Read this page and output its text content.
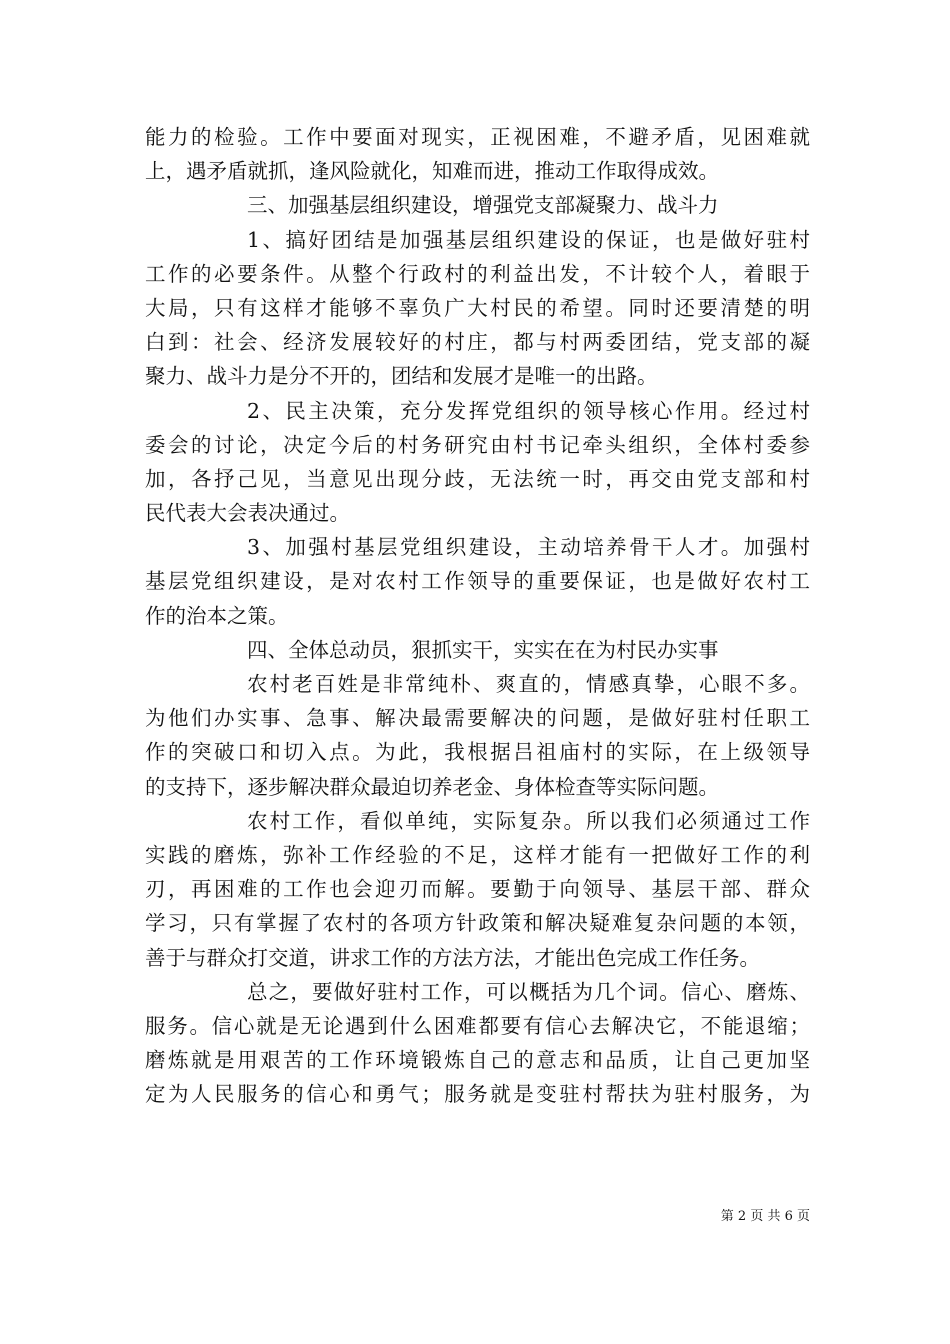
能力的检验。工作中要面对现实，正视困难，不避矛盾，见困难就
上，遇矛盾就抓，逢风险就化，知难而进，推动工作取得成效。
三、加强基层组织建设，增强党支部凝聚力、战斗力
1、搞好团结是加强基层组织建设的保证，也是做好驻村
工作的必要条件。从整个行政村的利益出发，不计较个人，着眼于
大局，只有这样才能够不辜负广大村民的希望。同时还要清楚的明
白到：社会、经济发展较好的村庄，都与村两委团结，党支部的凝
聚力、战斗力是分不开的，团结和发展才是唯一的出路。
2、民主决策，充分发挥党组织的领导核心作用。经过村
委会的讨论，决定今后的村务研究由村书记牵头组织，全体村委参
加，各抒己见，当意见出现分歧，无法统一时，再交由党支部和村
民代表大会表决通过。
3、加强村基层党组织建设，主动培养骨干人才。加强村
基层党组织建设，是对农村工作领导的重要保证，也是做好农村工
作的治本之策。
四、全体总动员，狠抓实干，实实在在为村民办实事
农村老百姓是非常纯朴、爽直的，情感真挚，心眼不多。
为他们办实事、急事、解决最需要解决的问题，是做好驻村任职工
作的突破口和切入点。为此，我根据吕祖庙村的实际，在上级领导
的支持下，逐步解决群众最迫切养老金、身体检查等实际问题。
农村工作，看似单纯，实际复杂。所以我们必须通过工作
实践的磨炼，弥补工作经验的不足，这样才能有一把做好工作的利
刃，再困难的工作也会迎刃而解。要勤于向领导、基层干部、群众
学习，只有掌握了农村的各项方针政策和解决疑难复杂问题的本领，
善于与群众打交道，讲求工作的方法方法，才能出色完成工作任务。
总之，要做好驻村工作，可以概括为几个词。信心、磨炼、
服务。信心就是无论遇到什么困难都要有信心去解决它，不能退缩；
磨炼就是用艰苦的工作环境锻炼自己的意志和品质，让自己更加坚
定为人民服务的信心和勇气；服务就是变驻村帮扶为驻村服务，为
第 2 页 共 6 页
